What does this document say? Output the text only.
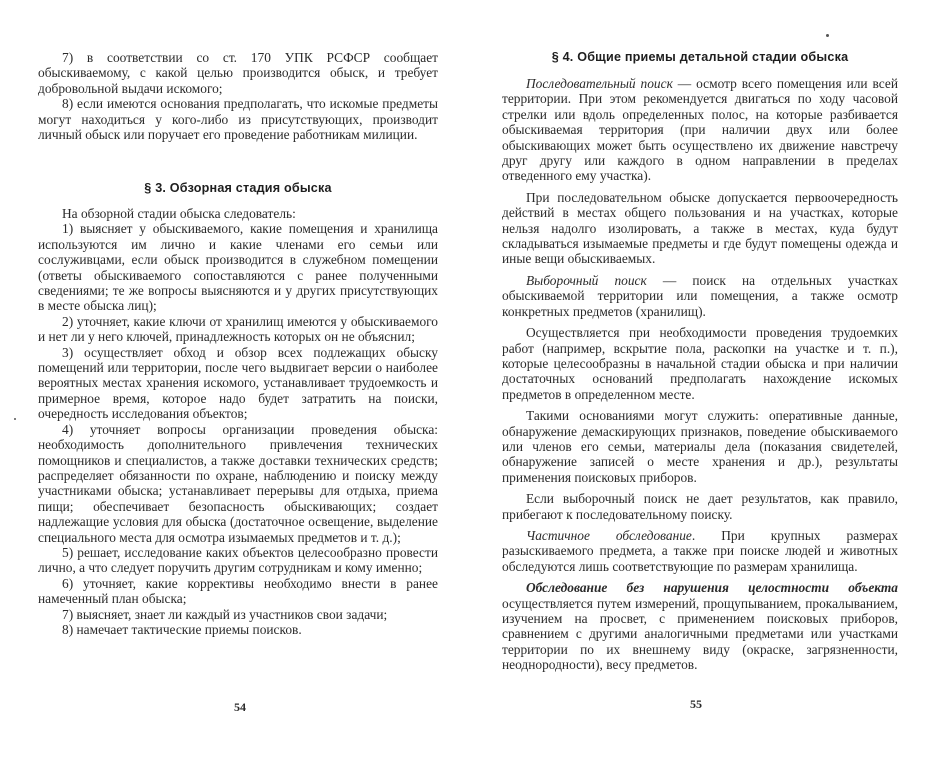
7) в соответствии со ст. 170 УПК РСФСР сообщает обыскиваемому, с какой целью производится обыск, и требует добровольной выдачи искомого;

8) если имеются основания предполагать, что искомые предметы могут находиться у кого-либо из присутствующих, производит личный обыск или поручает его проведение работникам милиции.

§ 3. Обзорная стадия обыска

На обзорной стадии обыска следователь:

1) выясняет у обыскиваемого, какие помещения и хранилища используются им лично и какие членами его семьи или сослуживцами, если обыск производится в служебном помещении (ответы обыскиваемого сопоставляются с ранее полученными сведениями; те же вопросы выясняются и у других присутствующих в месте обыска лиц);

2) уточняет, какие ключи от хранилищ имеются у обыскиваемого и нет ли у него ключей, принадлежность которых он не объяснил;

3) осуществляет обход и обзор всех подлежащих обыску помещений или территории, после чего выдвигает версии о наиболее вероятных местах хранения искомого, устанавливает трудоемкость и примерное время, которое надо будет затратить на поиски, очередность исследования объектов;

4) уточняет вопросы организации проведения обыска: необходимость дополнительного привлечения технических помощников и специалистов, а также доставки технических средств; распределяет обязанности по охране, наблюдению и поиску между участниками обыска; устанавливает перерывы для отдыха, приема пищи; обеспечивает безопасность обыскивающих; создает надлежащие условия для обыска (достаточное освещение, выделение специального места для осмотра изымаемых предметов и т. д.);

5) решает, исследование каких объектов целесообразно провести лично, а что следует поручить другим сотрудникам и кому именно;

6) уточняет, какие коррективы необходимо внести в ранее намеченный план обыска;

7) выясняет, знает ли каждый из участников свои задачи;

8) намечает тактические приемы поисков.

54
§ 4. Общие приемы детальной стадии обыска

Последовательный поиск — осмотр всего помещения или всей территории. При этом рекомендуется двигаться по ходу часовой стрелки или вдоль определенных полос, на которые разбивается обыскиваемая территория (при наличии двух или более обыскивающих может быть осуществлено их движение навстречу друг другу или каждого в одном направлении в пределах отведенного ему участка).

При последовательном обыске допускается первоочередность действий в местах общего пользования и на участках, которые нельзя надолго изолировать, а также в местах, куда будут складываться изымаемые предметы и где будут помещены одежда и иные вещи обыскиваемых.

Выборочный поиск — поиск на отдельных участках обыскиваемой территории или помещения, а также осмотр конкретных предметов (хранилищ).

Осуществляется при необходимости проведения трудоемких работ (например, вскрытие пола, раскопки на участке и т. п.), которые целесообразны в начальной стадии обыска и при наличии достаточных оснований предполагать нахождение искомых предметов в определенном месте.

Такими основаниями могут служить: оперативные данные, обнаружение демаскирующих признаков, поведение обыскиваемого или членов его семьи, материалы дела (показания свидетелей, обнаружение записей о месте хранения и др.), результаты применения поисковых приборов.

Если выборочный поиск не дает результатов, как правило, прибегают к последовательному поиску.

Частичное обследование. При крупных размерах разыскиваемого предмета, а также при поиске людей и животных обследуются лишь соответствующие по размерам хранилища.

Обследование без нарушения целостности объекта осуществляется путем измерений, прощупыванием, прокалыванием, изучением на просвет, с применением поисковых приборов, сравнением с другими аналогичными предметами или участками территории по их внешнему виду (окраске, загрязненности, неоднородности), весу предметов.

55
